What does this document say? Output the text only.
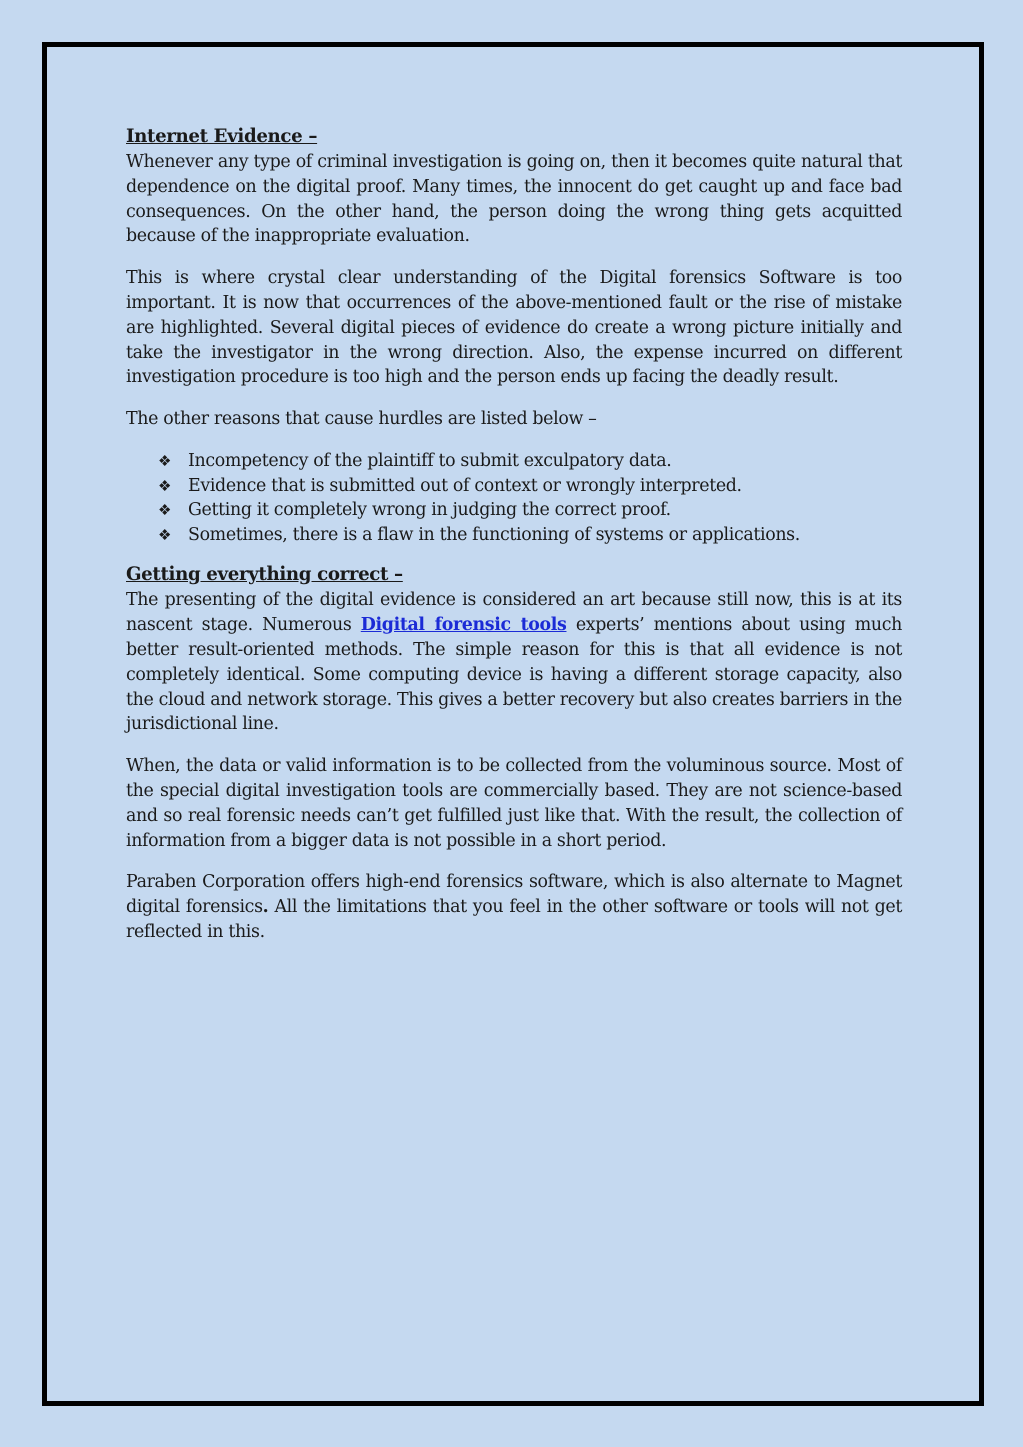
Internet Evidence –

Whenever any type of criminal investigation is going on, then it becomes quite natural that dependence on the digital proof. Many times, the innocent do get caught up and face bad consequences. On the other hand, the person doing the wrong thing gets acquitted because of the inappropriate evaluation.

This is where crystal clear understanding of the Digital forensics Software is too important. It is now that occurrences of the above-mentioned fault or the rise of mistake are highlighted. Several digital pieces of evidence do create a wrong picture initially and take the investigator in the wrong direction. Also, the expense incurred on different investigation procedure is too high and the person ends up facing the deadly result.

The other reasons that cause hurdles are listed below –

❖ Incompetency of the plaintiff to submit exculpatory data.
❖ Evidence that is submitted out of context or wrongly interpreted.
❖ Getting it completely wrong in judging the correct proof.
❖ Sometimes, there is a flaw in the functioning of systems or applications.
Getting everything correct –

The presenting of the digital evidence is considered an art because still now, this is at its nascent stage. Numerous Digital forensic tools experts’ mentions about using much better result-oriented methods. The simple reason for this is that all evidence is not completely identical. Some computing device is having a different storage capacity, also the cloud and network storage. This gives a better recovery but also creates barriers in the jurisdictional line.

When, the data or valid information is to be collected from the voluminous source. Most of the special digital investigation tools are commercially based. They are not science-based and so real forensic needs can’t get fulfilled just like that. With the result, the collection of information from a bigger data is not possible in a short period.

Paraben Corporation offers high-end forensics software, which is also alternate to Magnet digital forensics. All the limitations that you feel in the other software or tools will not get reflected in this.
